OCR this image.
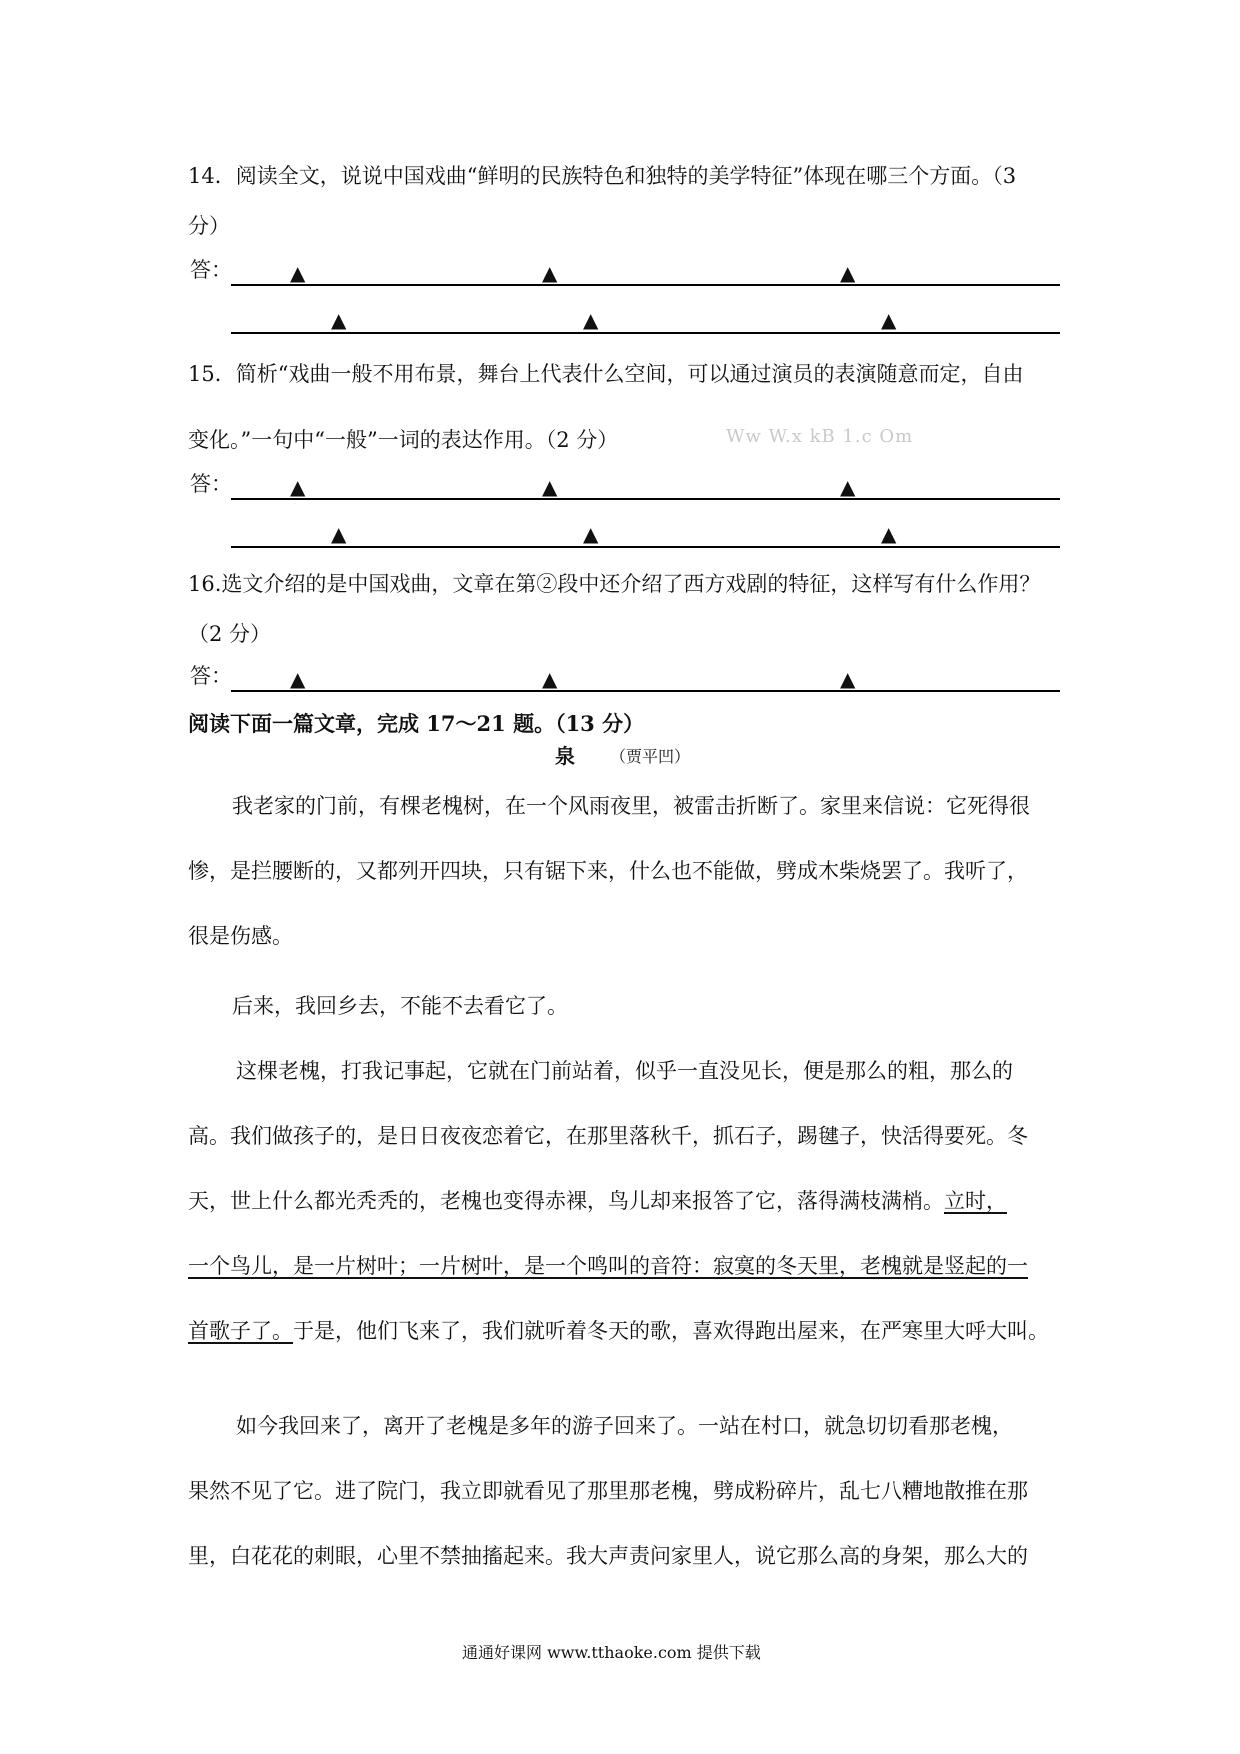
14．阅读全文，说说中国戏曲“鲜明的民族特色和独特的美学特征”体现在哪三个方面。（3
分）
答：	▲	▲	▲
▲	▲	▲
15．简析“戏曲一般不用布景，舞台上代表什么空间，可以通过演员的表演随意而定，自由
变化。”一句中“一般”一词的表达作用。（2 分）	Ww W.x kB 1.c Om
答：	▲	▲	▲
▲	▲	▲
16.选文介绍的是中国戏曲，文章在第②段中还介绍了西方戏剧的特征，这样写有什么作用？
（2 分）
答：	▲	▲	▲
阅读下面一篇文章，完成 17～21 题。（13 分）
泉 （贾平凹）
我老家的门前，有棵老槐树，在一个风雨夜里，被雷击折断了。家里来信说：它死得很
惨，是拦腰断的，又都列开四块，只有锯下来，什么也不能做，劈成木柴烧罢了。我听了，
很是伤感。
后来，我回乡去，不能不去看它了。
这棵老槐，打我记事起，它就在门前站着，似乎一直没见长，便是那么的粗，那么的
高。我们做孩子的，是日日夜夜恋着它，在那里落秋千，抓石子，踢毽子，快活得要死。冬
天，世上什么都光秃秃的，老槐也变得赤裸，鸟儿却来报答了它，落得满枝满梢。立时，
一个鸟儿，是一片树叶；一片树叶，是一个鸣叫的音符：寂寞的冬天里，老槐就是竖起的一
首歌子了。于是，他们飞来了，我们就听着冬天的歌，喜欢得跑出屋来，在严寒里大呼大叫。
如今我回来了，离开了老槐是多年的游子回来了。一站在村口，就急切切看那老槐，
果然不见了它。进了院门，我立即就看见了那里那老槐，劈成粉碎片，乱七八糟地散推在那
里，白花花的刺眼，心里不禁抽搐起来。我大声责问家里人，说它那么高的身架，那么大的
通通好课网 www.tthaoke.com 提供下载
